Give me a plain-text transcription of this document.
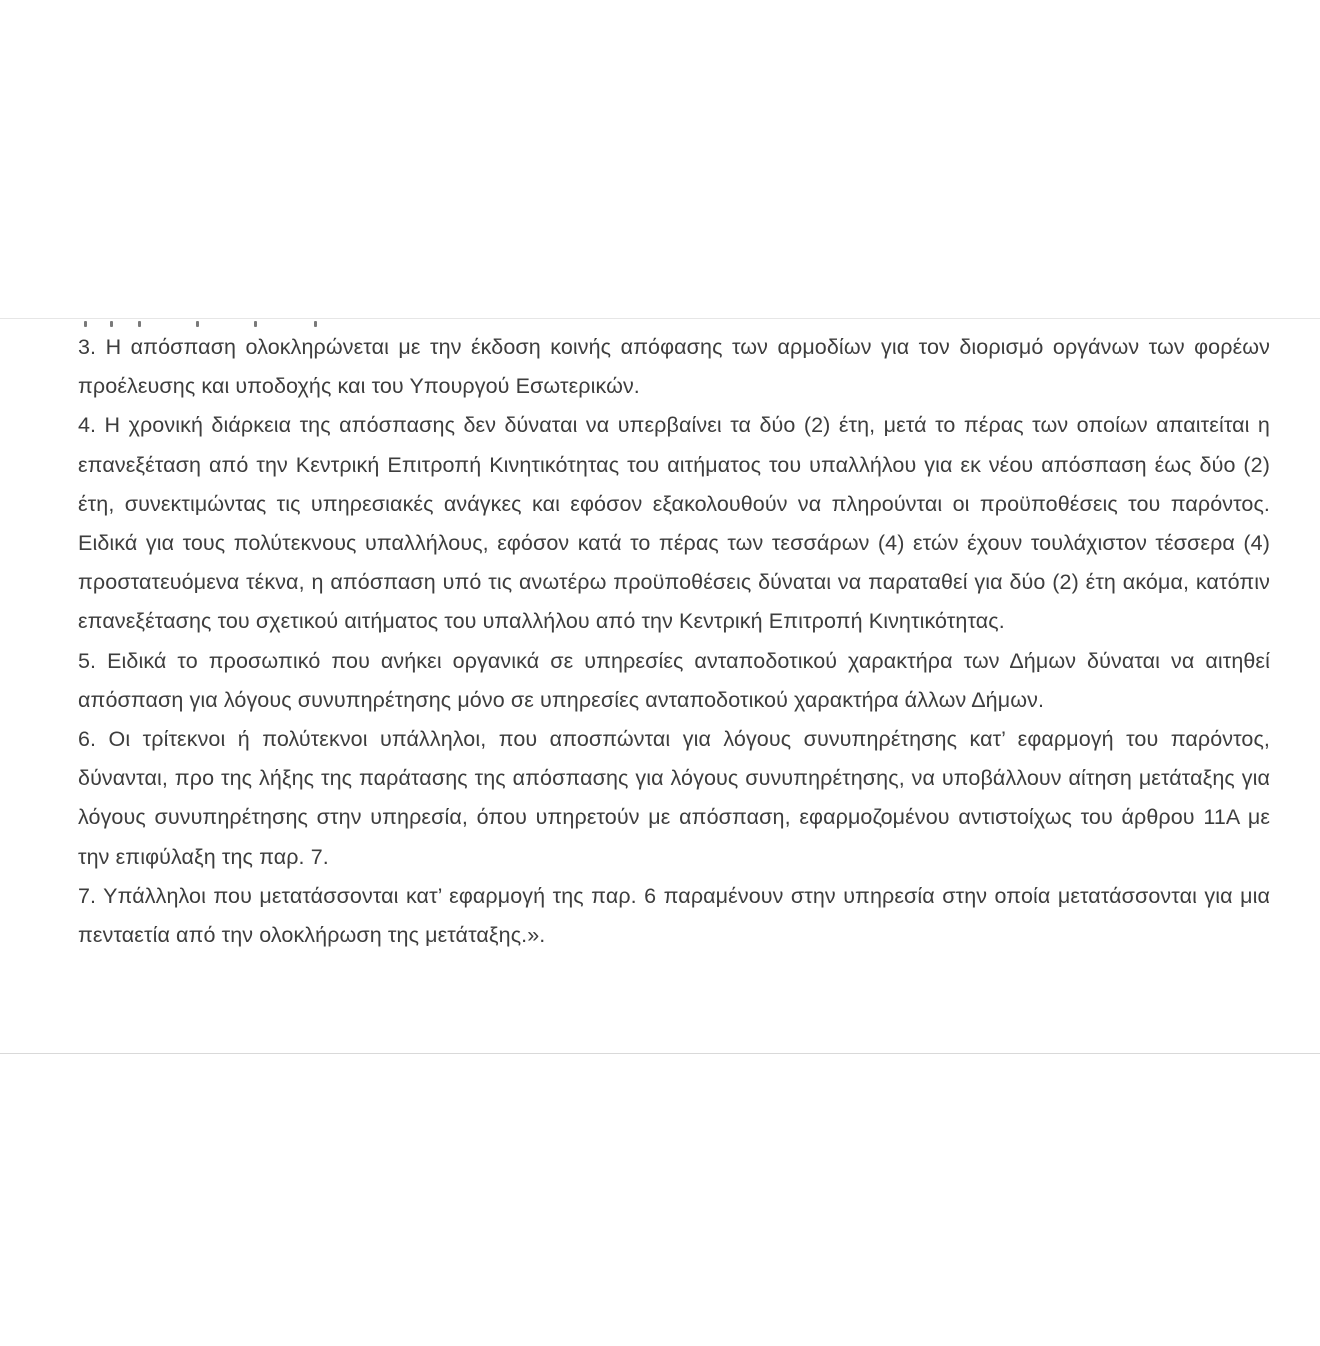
3. Η απόσπαση ολοκληρώνεται με την έκδοση κοινής απόφασης των αρμοδίων για τον διορισμό οργάνων των φορέων προέλευσης και υποδοχής και του Υπουργού Εσωτερικών.

4. Η χρονική διάρκεια της απόσπασης δεν δύναται να υπερβαίνει τα δύο (2) έτη, μετά το πέρας των οποίων απαιτείται η επανεξέταση από την Κεντρική Επιτροπή Κινητικότητας του αιτήματος του υπαλλήλου για εκ νέου απόσπαση έως δύο (2) έτη, συνεκτιμώντας τις υπηρεσιακές ανάγκες και εφόσον εξακολουθούν να πληρούνται οι προϋποθέσεις του παρόντος. Ειδικά για τους πολύτεκνους υπαλλήλους, εφόσον κατά το πέρας των τεσσάρων (4) ετών έχουν τουλάχιστον τέσσερα (4) προστατευόμενα τέκνα, η απόσπαση υπό τις ανωτέρω προϋποθέσεις δύναται να παραταθεί για δύο (2) έτη ακόμα, κατόπιν επανεξέτασης του σχετικού αιτήματος του υπαλλήλου από την Κεντρική Επιτροπή Κινητικότητας.

5. Ειδικά το προσωπικό που ανήκει οργανικά σε υπηρεσίες ανταποδοτικού χαρακτήρα των Δήμων δύναται να αιτηθεί απόσπαση για λόγους συνυπηρέτησης μόνο σε υπηρεσίες ανταποδοτικού χαρακτήρα άλλων Δήμων.

6. Οι τρίτεκνοι ή πολύτεκνοι υπάλληλοι, που αποσπώνται για λόγους συνυπηρέτησης κατ’ εφαρμογή του παρόντος, δύνανται, προ της λήξης της παράτασης της απόσπασης για λόγους συνυπηρέτησης, να υποβάλλουν αίτηση μετάταξης για λόγους συνυπηρέτησης στην υπηρεσία, όπου υπηρετούν με απόσπαση, εφαρμοζομένου αντιστοίχως του άρθρου 11Α με την επιφύλαξη της παρ. 7.

7. Υπάλληλοι που μετατάσσονται κατ’ εφαρμογή της παρ. 6 παραμένουν στην υπηρεσία στην οποία μετατάσσονται για μια πενταετία από την ολοκλήρωση της μετάταξης.».
